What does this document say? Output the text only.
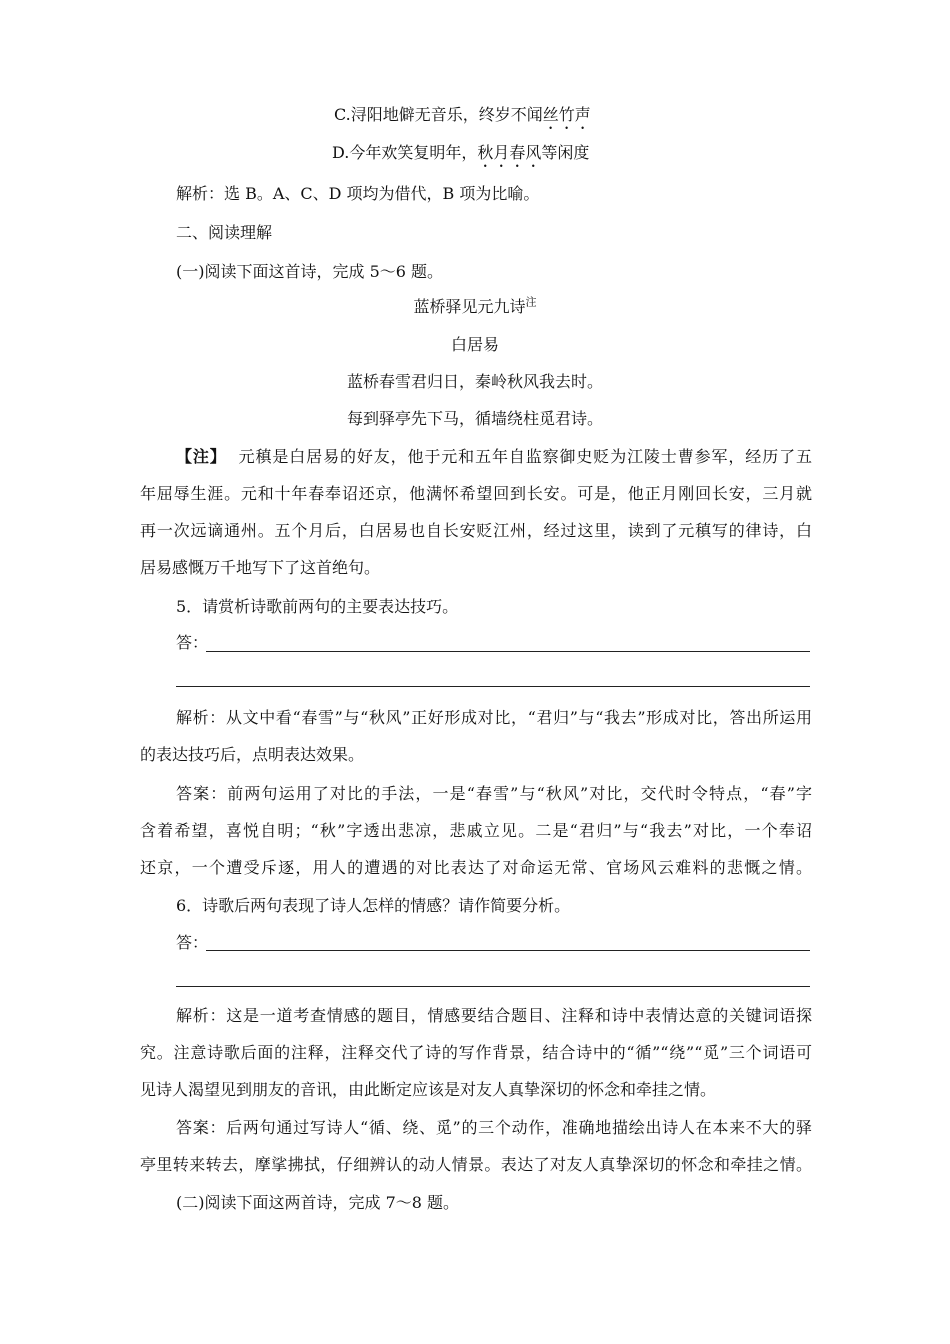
C.浔阳地僻无音乐，终岁不闻丝竹声
D.今年欢笑复明年，秋月春风等闲度
解析：选 B。A、C、D 项均为借代，B 项为比喻。
二、阅读理解
(一)阅读下面这首诗，完成 5～6 题。
蓝桥驿见元九诗$^注$
白居易
蓝桥春雪君归日，秦岭秋风我去时。
每到驿亭先下马，循墙绕柱觅君诗。
【注】 元稹是白居易的好友，他于元和五年自监察御史贬为江陵士曹参军，经历了五
年屈辱生涯。元和十年春奉诏还京，他满怀希望回到长安。可是，他正月刚回长安，三月就
再一次远谪通州。五个月后，白居易也自长安贬江州，经过这里，读到了元稹写的律诗，白
居易感慨万千地写下了这首绝句。
5．请赏析诗歌前两句的主要表达技巧。
答：
解析：从文中看“春雪”与“秋风”正好形成对比，“君归”与“我去”形成对比，答出所运用
的表达技巧后，点明表达效果。
答案：前两句运用了对比的手法，一是“春雪”与“秋风”对比，交代时令特点，“春”字
含着希望，喜悦自明；“秋”字透出悲凉，悲戚立见。二是“君归”与“我去”对比，一个奉诏
还京，一个遭受斥逐，用人的遭遇的对比表达了对命运无常、官场风云难料的悲慨之情。
6．诗歌后两句表现了诗人怎样的情感？请作简要分析。
答：
解析：这是一道考查情感的题目，情感要结合题目、注释和诗中表情达意的关键词语探
究。注意诗歌后面的注释，注释交代了诗的写作背景，结合诗中的“循”“绕”“觅”三个词语可
见诗人渴望见到朋友的音讯，由此断定应该是对友人真挚深切的怀念和牵挂之情。
答案：后两句通过写诗人“循、绕、觅”的三个动作，准确地描绘出诗人在本来不大的驿
亭里转来转去，摩挲拂拭，仔细辨认的动人情景。表达了对友人真挚深切的怀念和牵挂之情。
(二)阅读下面这两首诗，完成 7～8 题。
